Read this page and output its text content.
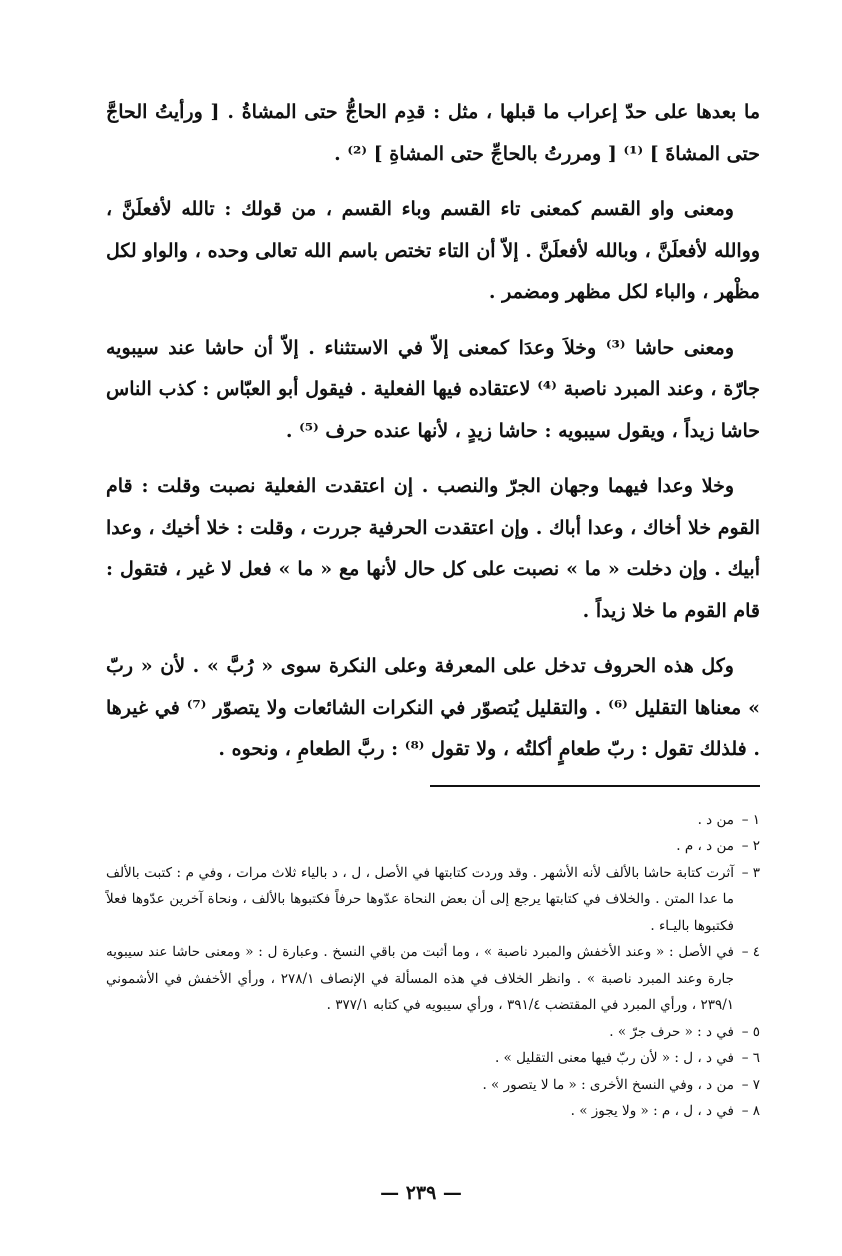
ما بعدها على حدّ إعراب ما قبلها ، مثل : قدِم الحاجُّ حتى المشاةُ . [ ورأيتُ الحاجَّ حتى المشاةَ ] ⁽¹⁾ [ ومررتُ بالحاجِّ حتى المشاةِ ] ⁽²⁾ .

ومعنى واو القسم كمعنى تاء القسم وباء القسم ، من قولك : تالله لأفعلَنَّ ، ووالله لأفعلَنَّ ، وبالله لأفعلَنَّ . إلاّ أن التاء تختص باسم الله تعالى وحده ، والواو لكل مظْهر ، والباء لكل مظهر ومضمر .

ومعنى حاشا ⁽³⁾ وخلاَ وعدَا كمعنى إلاّ في الاستثناء . إلاّ أن حاشا عند سيبويه جارّة ، وعند المبرد ناصبة ⁽⁴⁾ لاعتقاده فيها الفعلية . فيقول أبو العبّاس : كذب الناس حاشا زيداً ، ويقول سيبويه : حاشا زيدٍ ، لأنها عنده حرف ⁽⁵⁾ .

وخلا وعدا فيهما وجهان الجرّ والنصب . إن اعتقدت الفعلية نصبت وقلت : قام القوم خلا أخاك ، وعدا أباك . وإن اعتقدت الحرفية جررت ، وقلت : خلا أخيك ، وعدا أبيك . وإن دخلت « ما » نصبت على كل حال لأنها مع « ما » فعل لا غير ، فتقول : قام القوم ما خلا زيداً .

وكل هذه الحروف تدخل على المعرفة وعلى النكرة سوى « رُبَّ » . لأن « ربّ » معناها التقليل ⁽⁶⁾ . والتقليل يُتصوّر في النكرات الشائعات ولا يتصوّر ⁽⁷⁾ في غيرها . فلذلك تقول : ربّ طعامٍ أكلتُه ، ولا تقول ⁽⁸⁾ : ربَّ الطعامِ ، ونحوه .

١ –
من د .
٢ –
من د ، م .
٣ –
آثرت كتابة حاشا بالألف لأنه الأشهر . وقد وردت كتابتها في الأصل ، ل ، د بالياء ثلاث مرات ، وفي م : كتبت بالألف ما عدا المتن . والخلاف في كتابتها يرجع إلى أن بعض النحاة عدّوها حرفاً فكتبوها بالألف ، ونحاة آخرين عدّوها فعلاً فكتبوها باليـاء .
٤ –
في الأصل : « وعند الأخفش والمبرد ناصبة » ، وما أثبت من باقي النسخ . وعبارة ل : « ومعنى حاشا عند سيبويه جارة وعند المبرد ناصبة » . وانظر الخلاف في هذه المسألة في الإنصاف ٢٧٨/١ ، ورأي الأخفش في الأشموني ٢٣٩/١ ، ورأي المبرد في المقتضب ٣٩١/٤ ، ورأي سيبويه في كتابه ٣٧٧/١ .
٥ –
في د : « حرف جرّ » .
٦ –
في د ، ل : « لأن ربّ فيها معنى التقليل » .
٧ –
من د ، وفي النسخ الأخرى : « ما لا يتصور » .
٨ –
في د ، ل ، م : « ولا يجوز » .
— ٢٣٩ —
